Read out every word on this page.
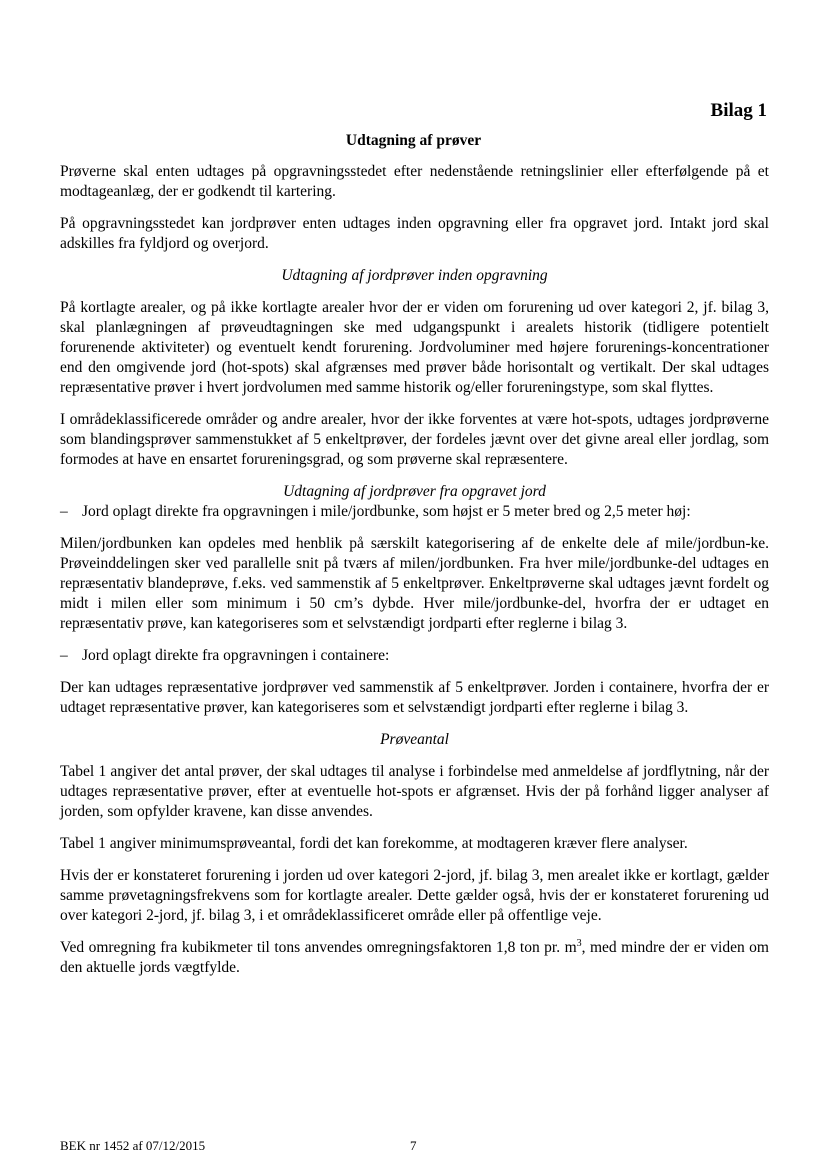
Bilag 1
Udtagning af prøver

Prøverne skal enten udtages på opgravningsstedet efter nedenstående retningslinier eller efterfølgende på et modtageanlæg, der er godkendt til kartering.

På opgravningsstedet kan jordprøver enten udtages inden opgravning eller fra opgravet jord. Intakt jord skal adskilles fra fyldjord og overjord.

Udtagning af jordprøver inden opgravning

På kortlagte arealer, og på ikke kortlagte arealer hvor der er viden om forurening ud over kategori 2, jf. bilag 3, skal planlægningen af prøveudtagningen ske med udgangspunkt i arealets historik (tidligere potentielt forurenende aktiviteter) og eventuelt kendt forurening. Jordvoluminer med højere forurenings-koncentrationer end den omgivende jord (hot-spots) skal afgrænses med prøver både horisontalt og vertikalt. Der skal udtages repræsentative prøver i hvert jordvolumen med samme historik og/eller forureningstype, som skal flyttes.

I områdeklassificerede områder og andre arealer, hvor der ikke forventes at være hot-spots, udtages jordprøverne som blandingsprøver sammenstukket af 5 enkeltprøver, der fordeles jævnt over det givne areal eller jordlag, som formodes at have en ensartet forureningsgrad, og som prøverne skal repræsentere.

Udtagning af jordprøver fra opgravet jord

– Jord oplagt direkte fra opgravningen i mile/jordbunke, som højst er 5 meter bred og 2,5 meter høj:

Milen/jordbunken kan opdeles med henblik på særskilt kategorisering af de enkelte dele af mile/jordbun-ke. Prøveinddelingen sker ved parallelle snit på tværs af milen/jordbunken. Fra hver mile/jordbunke-del udtages en repræsentativ blandeprøve, f.eks. ved sammenstik af 5 enkeltprøver. Enkeltprøverne skal udtages jævnt fordelt og midt i milen eller som minimum i 50 cm’s dybde. Hver mile/jordbunke-del, hvorfra der er udtaget en repræsentativ prøve, kan kategoriseres som et selvstændigt jordparti efter reglerne i bilag 3.

– Jord oplagt direkte fra opgravningen i containere:

Der kan udtages repræsentative jordprøver ved sammenstik af 5 enkeltprøver. Jorden i containere, hvorfra der er udtaget repræsentative prøver, kan kategoriseres som et selvstændigt jordparti efter reglerne i bilag 3.

Prøveantal

Tabel 1 angiver det antal prøver, der skal udtages til analyse i forbindelse med anmeldelse af jordflytning, når der udtages repræsentative prøver, efter at eventuelle hot-spots er afgrænset. Hvis der på forhånd ligger analyser af jorden, som opfylder kravene, kan disse anvendes.

Tabel 1 angiver minimumsprøveantal, fordi det kan forekomme, at modtageren kræver flere analyser.

Hvis der er konstateret forurening i jorden ud over kategori 2-jord, jf. bilag 3, men arealet ikke er kortlagt, gælder samme prøvetagningsfrekvens som for kortlagte arealer. Dette gælder også, hvis der er konstateret forurening ud over kategori 2-jord, jf. bilag 3, i et områdeklassificeret område eller på offentlige veje.

Ved omregning fra kubikmeter til tons anvendes omregningsfaktoren 1,8 ton pr. $m^3$, med mindre der er viden om den aktuelle jords vægtfylde.

BEK nr 1452 af 07/12/2015	7
